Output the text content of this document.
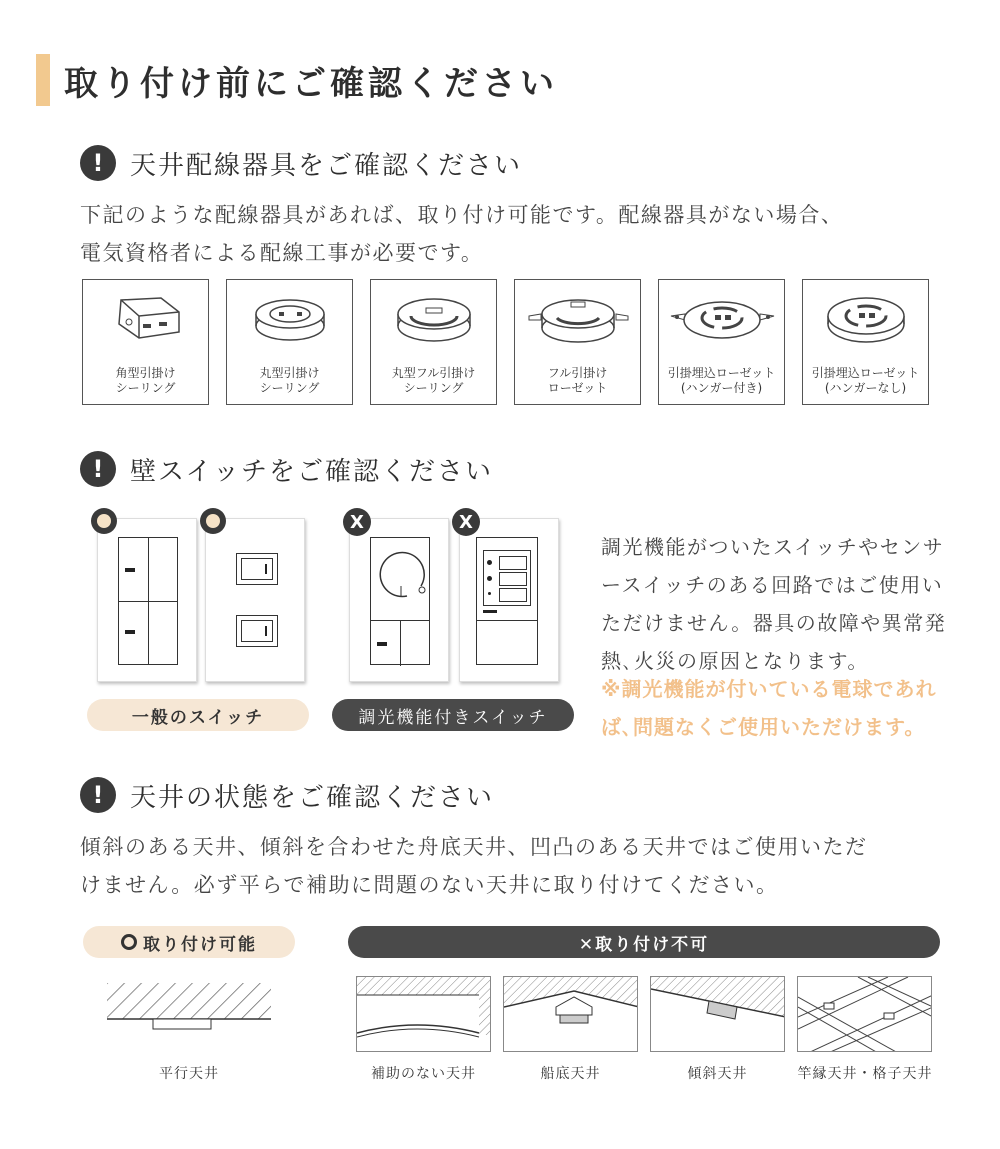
取り付け前にご確認ください
!	天井配線器具をご確認ください
下記のような配線器具があれば、取り付け可能です。配線器具がない場合、
電気資格者による配線工事が必要です。
角型引掛け
シーリング
丸型引掛け
シーリング
丸型フル引掛け
シーリング
フル引掛け
ローゼット
引掛埋込ローゼット
(ハンガー付き)
引掛埋込ローゼット
(ハンガーなし)
!	壁スイッチをご確認ください
X	X
一般のスイッチ	調光機能付きスイッチ
調光機能がついたスイッチやセンサ
ースイッチのある回路ではご使用い
ただけません。器具の故障や異常発
熱､火災の原因となります。
※調光機能が付いている電球であれ
ば､問題なくご使用いただけます。
!	天井の状態をご確認ください
傾斜のある天井、傾斜を合わせた舟底天井、凹凸のある天井ではご使用いただ
けません。必ず平らで補助に問題のない天井に取り付けてください。
取り付け可能	✕取り付け不可
平行天井	補助のない天井	船底天井	傾斜天井	竿縁天井・格子天井
